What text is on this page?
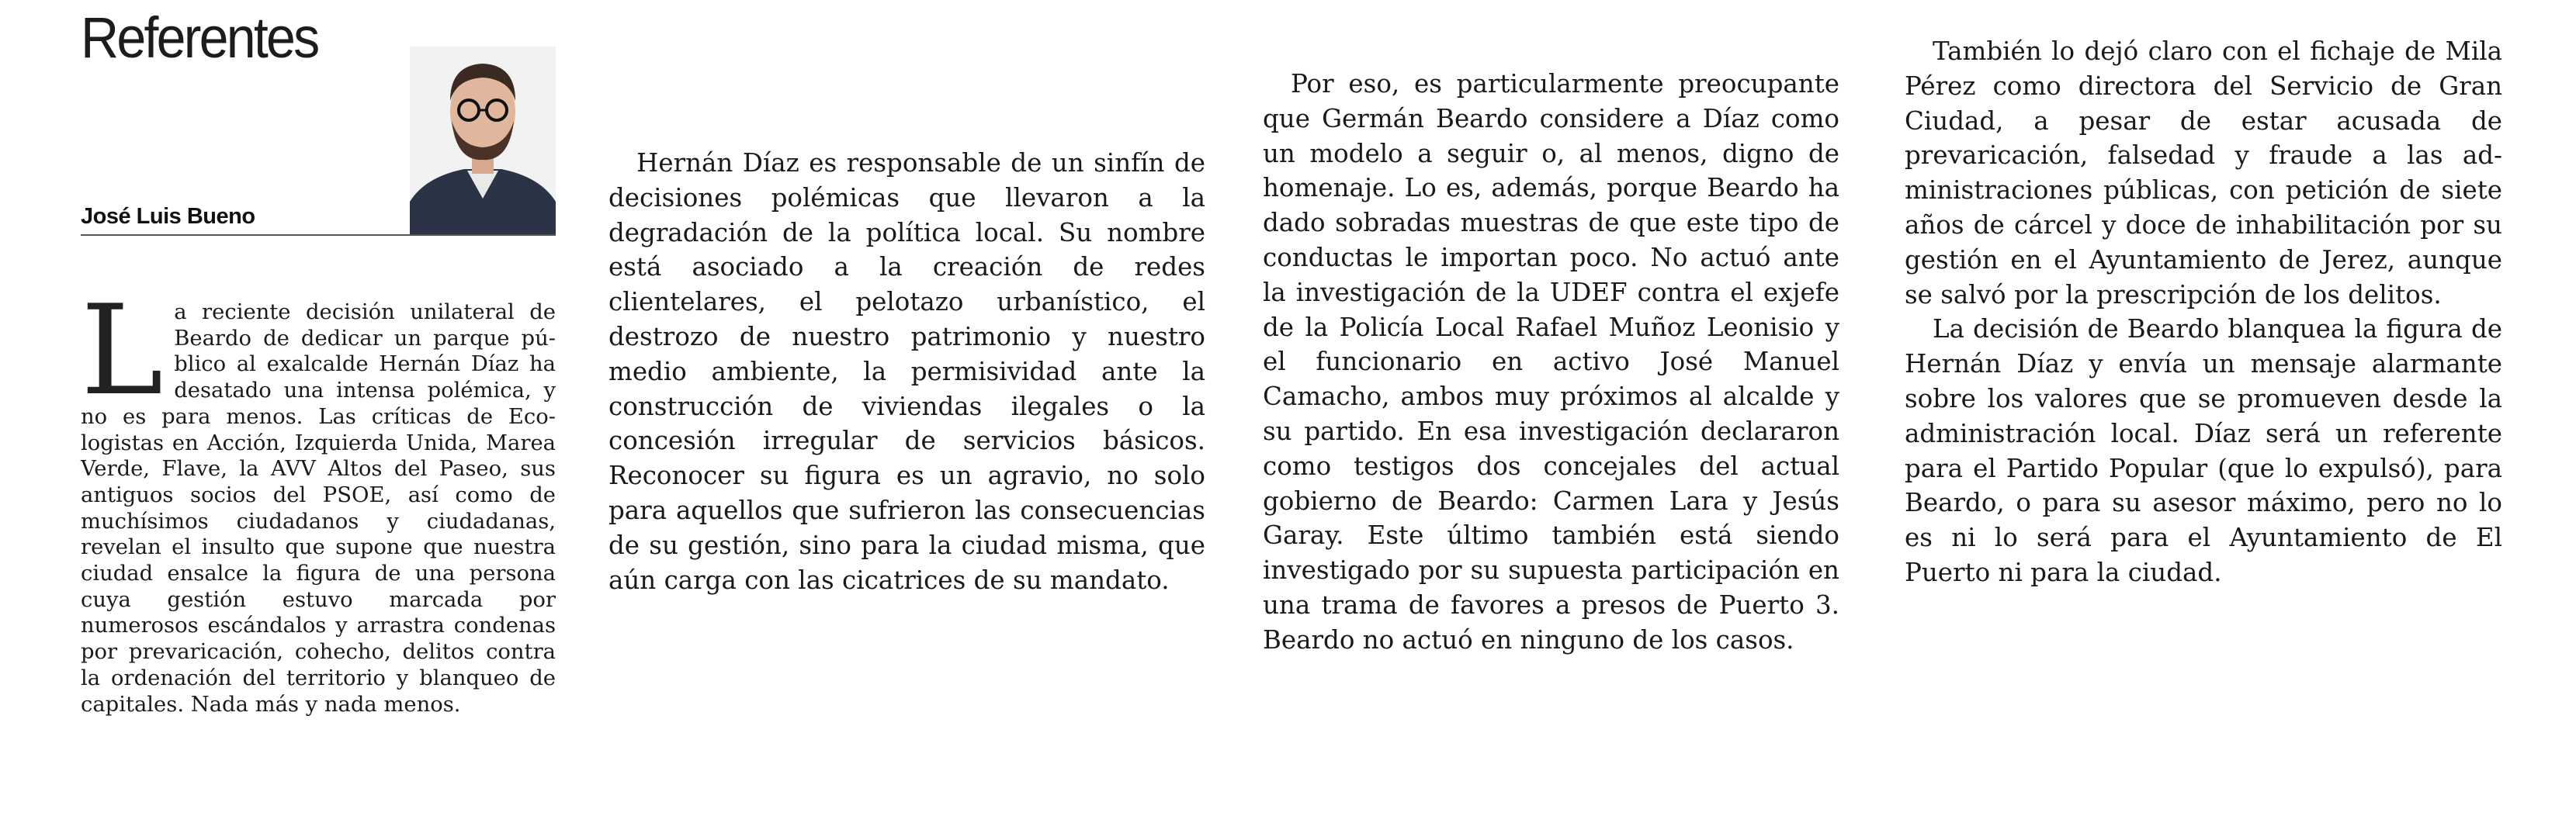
Referentes
José Luis Bueno
L a reciente decisión unilateral de Beardo de dedicar un parque público al exalcalde Hernán Díaz ha desatado una intensa polémica, y no es para menos. Las críticas de Ecologistas en Acción, Izquierda Unida, Marea Verde, Flave, la AVV Altos del Paseo, sus antiguos socios del PSOE, así como de muchísimos ciudadanos y ciudadanas, revelan el insulto que supone que nuestra ciudad ensalce la figura de una persona cuya gestión estuvo marcada por numerosos escándalos y arrastra condenas por prevaricación, cohecho, delitos contra la ordenación del territorio y blanqueo de capitales. Nada más y nada menos.

Hernán Díaz es responsable de un sinfín de decisiones polémicas que llevaron a la degradación de la política local. Su nombre está asociado a la creación de redes clientelares, el pelotazo urbanístico, el destrozo de nuestro patrimonio y nuestro medio ambiente, la permisividad ante la construcción de viviendas ilegales o la concesión irregular de servicios básicos. Reconocer su figura es un agravio, no solo para aquellos que sufrieron las consecuencias de su gestión, sino para la ciudad misma, que aún carga con las cicatrices de su mandato.

Por eso, es particularmente preocupante que Germán Beardo considere a Díaz como un modelo a seguir o, al menos, digno de homenaje. Lo es, además, porque Beardo ha dado sobradas muestras de que este tipo de conductas le importan poco. No actuó ante la investigación de la UDEF contra el exjefe de la Policía Local Rafael Muñoz Leonisio y el funcionario en activo José Manuel Camacho, ambos muy próximos al alcalde y su partido. En esa investigación declararon como testigos dos concejales del actual gobierno de Beardo: Carmen Lara y Jesús Garay. Este último también está siendo investigado por su supuesta participación en una trama de favores a presos de Puerto 3. Beardo no actuó en ninguno de los casos.

También lo dejó claro con el fichaje de Mila Pérez como directora del Servicio de Gran Ciudad, a pesar de estar acusada de prevaricación, falsedad y fraude a las administraciones públicas, con petición de siete años de cárcel y doce de inhabilitación por su gestión en el Ayuntamiento de Jerez, aunque se salvó por la prescripción de los delitos.

La decisión de Beardo blanquea la figura de Hernán Díaz y envía un mensaje alarmante sobre los valores que se promueven desde la administración local. Díaz será un referente para el Partido Popular (que lo expulsó), para Beardo, o para su asesor máximo, pero no lo es ni lo será para el Ayuntamiento de El Puerto ni para la ciudad.
